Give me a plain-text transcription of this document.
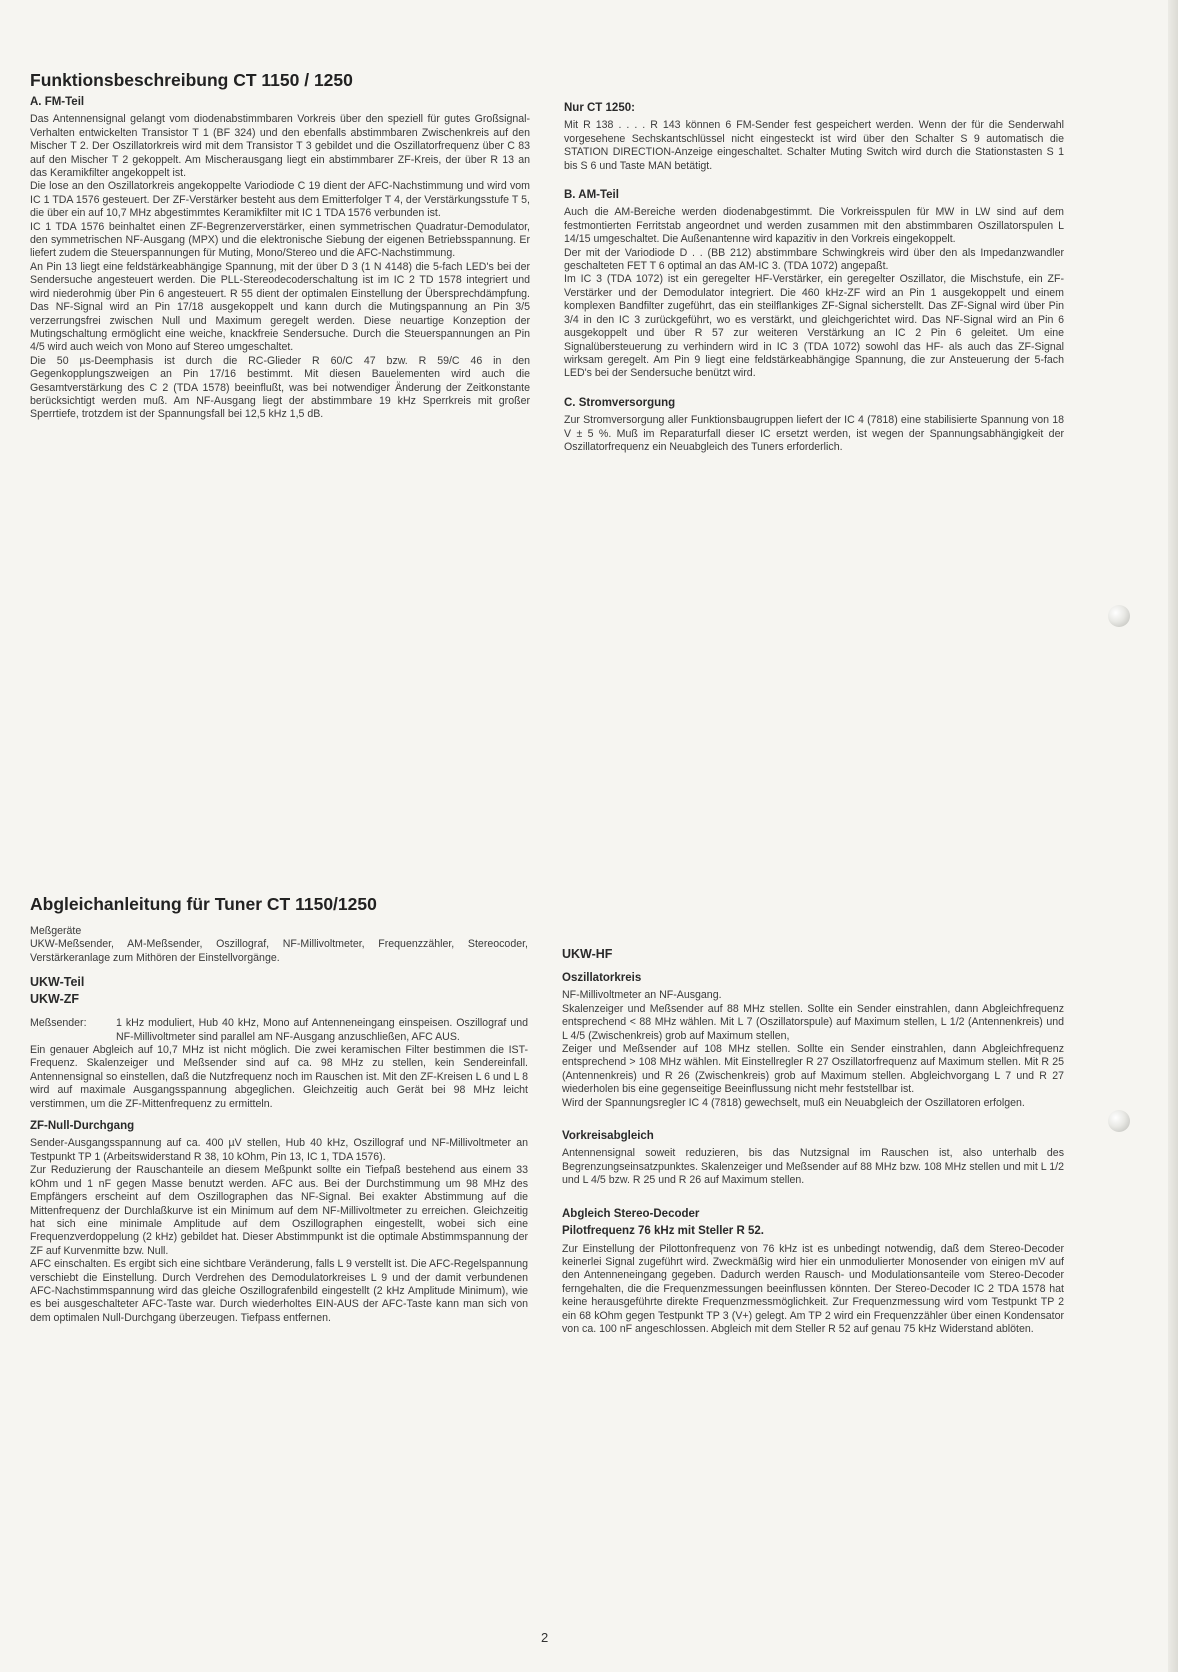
Funktionsbeschreibung CT 1150 / 1250
A. FM-Teil

Das Antennensignal gelangt vom diodenabstimmbaren Vorkreis über den speziell für gutes Großsignal-Verhalten entwickelten Transistor T 1 (BF 324) und den ebenfalls abstimmbaren Zwischenkreis auf den Mischer T 2. Der Oszillatorkreis wird mit dem Transistor T 3 gebildet und die Oszillatorfrequenz über C 83 auf den Mischer T 2 gekoppelt. Am Mischerausgang liegt ein abstimmbarer ZF-Kreis, der über R 13 an das Keramikfilter angekoppelt ist.

Die lose an den Oszillatorkreis angekoppelte Variodiode C 19 dient der AFC-Nachstimmung und wird vom IC 1 TDA 1576 gesteuert. Der ZF-Verstärker besteht aus dem Emitterfolger T 4, der Verstärkungsstufe T 5, die über ein auf 10,7 MHz abgestimmtes Keramikfilter mit IC 1 TDA 1576 verbunden ist.

IC 1 TDA 1576 beinhaltet einen ZF-Begrenzerverstärker, einen symmetrischen Quadratur-Demodulator, den symmetrischen NF-Ausgang (MPX) und die elektronische Siebung der eigenen Betriebsspannung. Er liefert zudem die Steuerspannungen für Muting, Mono/Stereo und die AFC-Nachstimmung.

An Pin 13 liegt eine feldstärkeabhängige Spannung, mit der über D 3 (1 N 4148) die 5-fach LED's bei der Sendersuche angesteuert werden. Die PLL-Stereodecoderschaltung ist im IC 2 TD 1578 integriert und wird niederohmig über Pin 6 angesteuert. R 55 dient der optimalen Einstellung der Übersprechdämpfung. Das NF-Signal wird an Pin 17/18 ausgekoppelt und kann durch die Mutingspannung an Pin 3/5 verzerrungsfrei zwischen Null und Maximum geregelt werden. Diese neuartige Konzeption der Mutingschaltung ermöglicht eine weiche, knackfreie Sendersuche. Durch die Steuerspannungen an Pin 4/5 wird auch weich von Mono auf Stereo umgeschaltet.

Die 50 µs-Deemphasis ist durch die RC-Glieder R 60/C 47 bzw. R 59/C 46 in den Gegenkopplungszweigen an Pin 17/16 bestimmt. Mit diesen Bauelementen wird auch die Gesamtverstärkung des C 2 (TDA 1578) beeinflußt, was bei notwendiger Änderung der Zeitkonstante berücksichtigt werden muß. Am NF-Ausgang liegt der abstimmbare 19 kHz Sperrkreis mit großer Sperrtiefe, trotzdem ist der Spannungsfall bei 12,5 kHz 1,5 dB.

Nur CT 1250:

Mit R 138 . . . . R 143 können 6 FM-Sender fest gespeichert werden. Wenn der für die Senderwahl vorgesehene Sechskantschlüssel nicht eingesteckt ist wird über den Schalter S 9 automatisch die STATION DIRECTION-Anzeige eingeschaltet. Schalter Muting Switch wird durch die Stationstasten S 1 bis S 6 und Taste MAN betätigt.

B. AM-Teil

Auch die AM-Bereiche werden diodenabgestimmt. Die Vorkreisspulen für MW in LW sind auf dem festmontierten Ferritstab angeordnet und werden zusammen mit den abstimmbaren Oszillatorspulen L 14/15 umgeschaltet. Die Außenantenne wird kapazitiv in den Vorkreis eingekoppelt.

Der mit der Variodiode D . . (BB 212) abstimmbare Schwingkreis wird über den als Impedanzwandler geschalteten FET T 6 optimal an das AM-IC 3. (TDA 1072) angepaßt.

Im IC 3 (TDA 1072) ist ein geregelter HF-Verstärker, ein geregelter Oszillator, die Mischstufe, ein ZF-Verstärker und der Demodulator integriert. Die 460 kHz-ZF wird an Pin 1 ausgekoppelt und einem komplexen Bandfilter zugeführt, das ein steilflankiges ZF-Signal sicherstellt. Das ZF-Signal wird über Pin 3/4 in den IC 3 zurückgeführt, wo es verstärkt, und gleichgerichtet wird. Das NF-Signal wird an Pin 6 ausgekoppelt und über R 57 zur weiteren Verstärkung an IC 2 Pin 6 geleitet. Um eine Signalübersteuerung zu verhindern wird in IC 3 (TDA 1072) sowohl das HF- als auch das ZF-Signal wirksam geregelt. Am Pin 9 liegt eine feldstärkeabhängige Spannung, die zur Ansteuerung der 5-fach LED's bei der Sendersuche benützt wird.

C. Stromversorgung

Zur Stromversorgung aller Funktionsbaugruppen liefert der IC 4 (7818) eine stabilisierte Spannung von 18 V ± 5 %. Muß im Reparaturfall dieser IC ersetzt werden, ist wegen der Spannungsabhängigkeit der Oszillatorfrequenz ein Neuabgleich des Tuners erforderlich.

Abgleichanleitung für Tuner CT 1150/1250

Meßgeräte

UKW-Meßsender, AM-Meßsender, Oszillograf, NF-Millivoltmeter, Frequenzzähler, Stereocoder, Verstärkeranlage zum Mithören der Einstellvorgänge.

UKW-Teil

UKW-ZF

Meßsender:	1 kHz moduliert, Hub 40 kHz, Mono auf Antenneneingang einspeisen. Oszillograf und NF-Millivoltmeter sind parallel am NF-Ausgang anzuschließen, AFC AUS.

Ein genauer Abgleich auf 10,7 MHz ist nicht möglich. Die zwei keramischen Filter bestimmen die IST-Frequenz. Skalenzeiger und Meßsender sind auf ca. 98 MHz zu stellen, kein Sendereinfall. Antennensignal so einstellen, daß die Nutzfrequenz noch im Rauschen ist. Mit den ZF-Kreisen L 6 und L 8 wird auf maximale Ausgangsspannung abgeglichen. Gleichzeitig auch Gerät bei 98 MHz leicht verstimmen, um die ZF-Mittenfrequenz zu ermitteln.

ZF-Null-Durchgang

Sender-Ausgangsspannung auf ca. 400 µV stellen, Hub 40 kHz, Oszillograf und NF-Millivoltmeter an Testpunkt TP 1 (Arbeitswiderstand R 38, 10 kOhm, Pin 13, IC 1, TDA 1576).

Zur Reduzierung der Rauschanteile an diesem Meßpunkt sollte ein Tiefpaß bestehend aus einem 33 kOhm und 1 nF gegen Masse benutzt werden. AFC aus. Bei der Durchstimmung um 98 MHz des Empfängers erscheint auf dem Oszillographen das NF-Signal. Bei exakter Abstimmung auf die Mittenfrequenz der Durchlaßkurve ist ein Minimum auf dem NF-Millivoltmeter zu erreichen. Gleichzeitig hat sich eine minimale Amplitude auf dem Oszillographen eingestellt, wobei sich eine Frequenzverdoppelung (2 kHz) gebildet hat. Dieser Abstimmpunkt ist die optimale Abstimmspannung der ZF auf Kurvenmitte bzw. Null.

AFC einschalten. Es ergibt sich eine sichtbare Veränderung, falls L 9 verstellt ist. Die AFC-Regelspannung verschiebt die Einstellung. Durch Verdrehen des Demodulatorkreises L 9 und der damit verbundenen AFC-Nachstimmspannung wird das gleiche Oszillografenbild eingestellt (2 kHz Amplitude Minimum), wie es bei ausgeschalteter AFC-Taste war. Durch wiederholtes EIN-AUS der AFC-Taste kann man sich von dem optimalen Null-Durchgang überzeugen. Tiefpass entfernen.

UKW-HF

Oszillatorkreis

NF-Millivoltmeter an NF-Ausgang.

Skalenzeiger und Meßsender auf 88 MHz stellen. Sollte ein Sender einstrahlen, dann Abgleichfrequenz entsprechend < 88 MHz wählen. Mit L 7 (Oszillatorspule) auf Maximum stellen, L 1/2 (Antennenkreis) und L 4/5 (Zwischenkreis) grob auf Maximum stellen,

Zeiger und Meßsender auf 108 MHz stellen. Sollte ein Sender einstrahlen, dann Abgleichfrequenz entsprechend > 108 MHz wählen. Mit Einstellregler R 27 Oszillatorfrequenz auf Maximum stellen. Mit R 25 (Antennenkreis) und R 26 (Zwischenkreis) grob auf Maximum stellen. Abgleichvorgang L 7 und R 27 wiederholen bis eine gegenseitige Beeinflussung nicht mehr feststellbar ist.

Wird der Spannungsregler IC 4 (7818) gewechselt, muß ein Neuabgleich der Oszillatoren erfolgen.

Vorkreisabgleich

Antennensignal soweit reduzieren, bis das Nutzsignal im Rauschen ist, also unterhalb des Begrenzungseinsatzpunktes. Skalenzeiger und Meßsender auf 88 MHz bzw. 108 MHz stellen und mit L 1/2 und L 4/5 bzw. R 25 und R 26 auf Maximum stellen.

Abgleich Stereo-Decoder
Pilotfrequenz 76 kHz mit Steller R 52.

Zur Einstellung der Pilottonfrequenz von 76 kHz ist es unbedingt notwendig, daß dem Stereo-Decoder keinerlei Signal zugeführt wird. Zweckmäßig wird hier ein unmodulierter Monosender von einigen mV auf den Antenneneingang gegeben. Dadurch werden Rausch- und Modulationsanteile vom Stereo-Decoder ferngehalten, die die Frequenzmessungen beeinflussen könnten. Der Stereo-Decoder IC 2 TDA 1578 hat keine herausgeführte direkte Frequenzmessmöglichkeit. Zur Frequenzmessung wird vom Testpunkt TP 2 ein 68 kOhm gegen Testpunkt TP 3 (V+) gelegt. Am TP 2 wird ein Frequenzzähler über einen Kondensator von ca. 100 nF angeschlossen. Abgleich mit dem Steller R 52 auf genau 75 kHz Widerstand ablöten.

2
